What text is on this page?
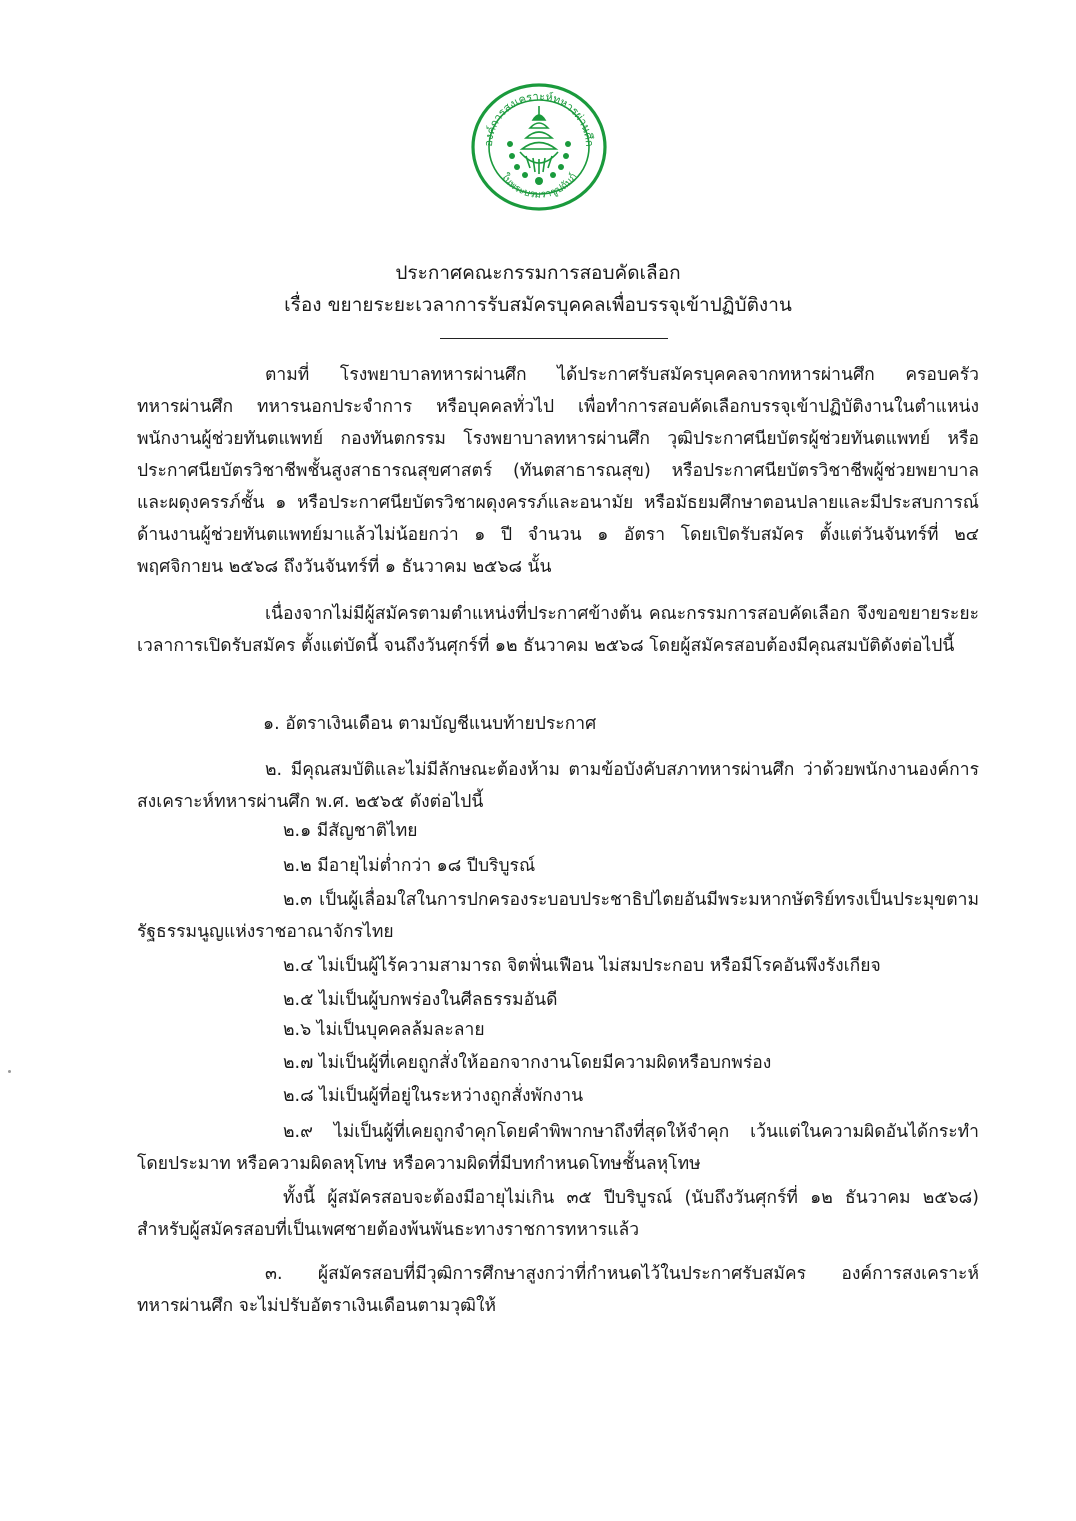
องค์การสงเคราะห์ทหารผ่านศึก
ในพระบรมราชูปถัมภ์
ประกาศคณะกรรมการสอบคัดเลือก
เรื่อง ขยายระยะเวลาการรับสมัครบุคคลเพื่อบรรจุเข้าปฏิบัติงาน
ตามที่ โรงพยาบาลทหารผ่านศึก ได้ประกาศรับสมัครบุคคลจากทหารผ่านศึก ครอบครัวทหารผ่านศึก ทหารนอกประจำการ หรือบุคคลทั่วไป เพื่อทำการสอบคัดเลือกบรรจุเข้าปฏิบัติงานในตำแหน่ง พนักงานผู้ช่วยทันตแพทย์ กองทันตกรรม โรงพยาบาลทหารผ่านศึก วุฒิประกาศนียบัตรผู้ช่วยทันตแพทย์ หรือประกาศนียบัตรวิชาชีพชั้นสูงสาธารณสุขศาสตร์ (ทันตสาธารณสุข) หรือประกาศนียบัตรวิชาชีพผู้ช่วยพยาบาลและผดุงครรภ์ชั้น ๑ หรือประกาศนียบัตรวิชาผดุงครรภ์และอนามัย หรือมัธยมศึกษาตอนปลายและมีประสบการณ์ด้านงานผู้ช่วยทันตแพทย์มาแล้วไม่น้อยกว่า ๑ ปี จำนวน ๑ อัตรา โดยเปิดรับสมัคร ตั้งแต่วันจันทร์ที่ ๒๔ พฤศจิกายน ๒๕๖๘ ถึงวันจันทร์ที่ ๑ ธันวาคม ๒๕๖๘ นั้น
เนื่องจากไม่มีผู้สมัครตามตำแหน่งที่ประกาศข้างต้น คณะกรรมการสอบคัดเลือก จึงขอขยายระยะเวลาการเปิดรับสมัคร ตั้งแต่บัดนี้ จนถึงวันศุกร์ที่ ๑๒ ธันวาคม ๒๕๖๘ โดยผู้สมัครสอบต้องมีคุณสมบัติดังต่อไปนี้
๑. อัตราเงินเดือน ตามบัญชีแนบท้ายประกาศ
๒. มีคุณสมบัติและไม่มีลักษณะต้องห้าม ตามข้อบังคับสภาทหารผ่านศึก ว่าด้วยพนักงานองค์การสงเคราะห์ทหารผ่านศึก พ.ศ. ๒๕๖๕ ดังต่อไปนี้
๒.๑ มีสัญชาติไทย
๒.๒ มีอายุไม่ต่ำกว่า ๑๘ ปีบริบูรณ์
๒.๓ เป็นผู้เลื่อมใสในการปกครองระบอบประชาธิปไตยอันมีพระมหากษัตริย์ทรงเป็นประมุขตามรัฐธรรมนูญแห่งราชอาณาจักรไทย
๒.๔ ไม่เป็นผู้ไร้ความสามารถ จิตฟั่นเฟือน ไม่สมประกอบ หรือมีโรคอันพึงรังเกียจ
๒.๕ ไม่เป็นผู้บกพร่องในศีลธรรมอันดี
๒.๖ ไม่เป็นบุคคลล้มละลาย
๒.๗ ไม่เป็นผู้ที่เคยถูกสั่งให้ออกจากงานโดยมีความผิดหรือบกพร่อง
๒.๘ ไม่เป็นผู้ที่อยู่ในระหว่างถูกสั่งพักงาน
๒.๙ ไม่เป็นผู้ที่เคยถูกจำคุกโดยคำพิพากษาถึงที่สุดให้จำคุก เว้นแต่ในความผิดอันได้กระทำโดยประมาท หรือความผิดลหุโทษ หรือความผิดที่มีบทกำหนดโทษชั้นลหุโทษ
ทั้งนี้ ผู้สมัครสอบจะต้องมีอายุไม่เกิน ๓๕ ปีบริบูรณ์ (นับถึงวันศุกร์ที่ ๑๒ ธันวาคม ๒๕๖๘) สำหรับผู้สมัครสอบที่เป็นเพศชายต้องพ้นพันธะทางราชการทหารแล้ว
๓. ผู้สมัครสอบที่มีวุฒิการศึกษาสูงกว่าที่กำหนดไว้ในประกาศรับสมัคร องค์การสงเคราะห์ทหารผ่านศึก จะไม่ปรับอัตราเงินเดือนตามวุฒิให้
